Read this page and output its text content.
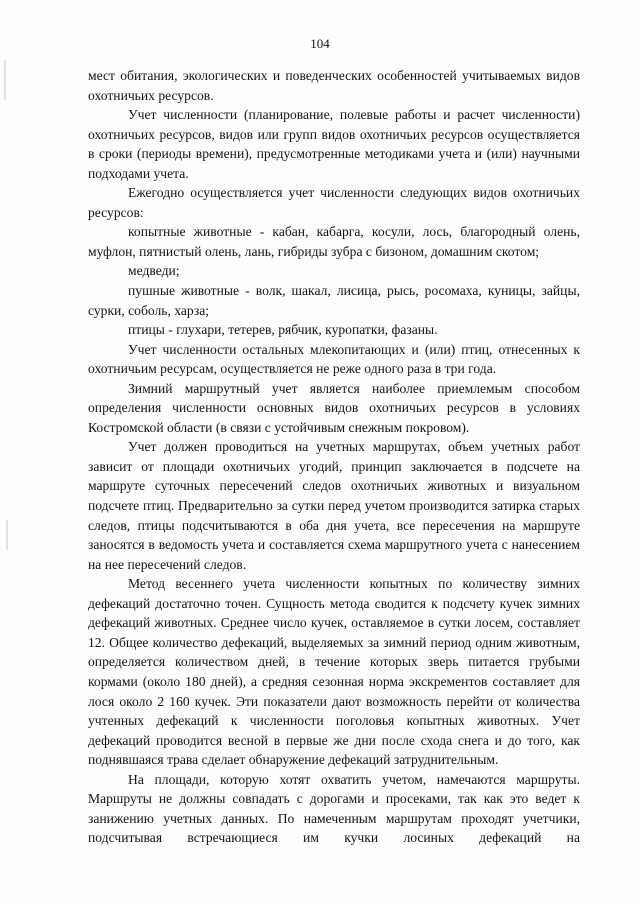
104

мест обитания, экологических и поведенческих особенностей учитываемых видов охотничьих ресурсов.

Учет численности (планирование, полевые работы и расчет численности) охотничьих ресурсов, видов или групп видов охотничьих ресурсов осуществляется в сроки (периоды времени), предусмотренные методиками учета и (или) научными подходами учета.

Ежегодно осуществляется учет численности следующих видов охотничьих ресурсов:

копытные животные - кабан, кабарга, косули, лось, благородный олень, муфлон, пятнистый олень, лань, гибриды зубра с бизоном, домашним скотом;

медведи;

пушные животные - волк, шакал, лисица, рысь, росомаха, куницы, зайцы, сурки, соболь, харза;

птицы - глухари, тетерев, рябчик, куропатки, фазаны.

Учет численности остальных млекопитающих и (или) птиц, отнесенных к охотничьим ресурсам, осуществляется не реже одного раза в три года.

Зимний маршрутный учет является наиболее приемлемым способом определения численности основных видов охотничьих ресурсов в условиях Костромской области (в связи с устойчивым снежным покровом).

Учет должен проводиться на учетных маршрутах, объем учетных работ зависит от площади охотничьих угодий, принцип заключается в подсчете на маршруте суточных пересечений следов охотничьих животных и визуальном подсчете птиц. Предварительно за сутки перед учетом производится затирка старых следов, птицы подсчитываются в оба дня учета, все пересечения на маршруте заносятся в ведомость учета и составляется схема маршрутного учета с нанесением на нее пересечений следов.

Метод весеннего учета численности копытных по количеству зимних дефекаций достаточно точен. Сущность метода сводится к подсчету кучек зимних дефекаций животных. Среднее число кучек, оставляемое в сутки лосем, составляет 12. Общее количество дефекаций, выделяемых за зимний период одним животным, определяется количеством дней, в течение которых зверь питается грубыми кормами (около 180 дней), а средняя сезонная норма экскрементов составляет для лося около 2 160 кучек. Эти показатели дают возможность перейти от количества учтенных дефекаций к численности поголовья копытных животных. Учет дефекаций проводится весной в первые же дни после схода снега и до того, как поднявшаяся трава сделает обнаружение дефекаций затруднительным.

На площади, которую хотят охватить учетом, намечаются маршруты. Маршруты не должны совпадать с дорогами и просеками, так как это ведет к занижению учетных данных. По намеченным маршрутам проходят учетчики, подсчитывая встречающиеся им кучки лосиных дефекаций на
